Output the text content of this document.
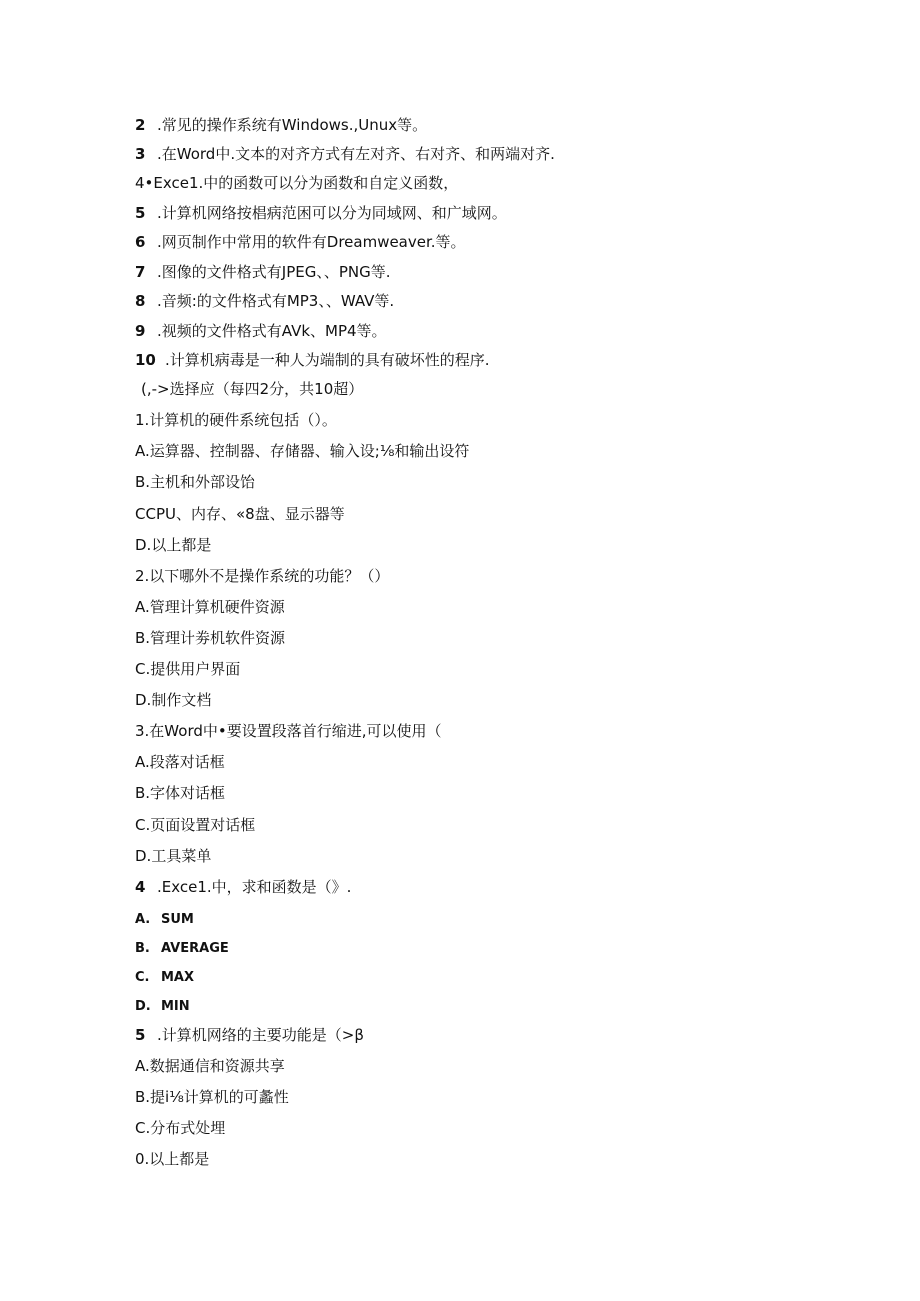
2 .常见的操作系统有Windows.,Unux等。
3 .在Word中.文本的对齐方式有左对齐、右对齐、和两端对齐.
4•Exce1.中的函数可以分为函数和自定义函数，
5 .计算机网络按椙病范困可以分为同域网、和广域网。
6 .网页制作中常用的软件有Dreamweaver.等。
7 .图像的文件格式有JPEG、、PNG等.
8 .音频:的文件格式有MP3、、WAV等.
9 .视频的文件格式有AVk、MP4等。
10 .计算机病毒是一种人为端制的具有破坏性的程序.
(,->选择应（每四2分，共10超）
1.计算机的硬件系统包括（）。
A.运算器、控制器、存储器、输入设;⅛和输出设符
B.主机和外部设饴
CCPU、内存、«8盘、显示器等
D.以上都是
2.以下哪外不是操作系统的功能？（）
A.管理计算机硬件资源
B.管理计劵机软件资源
C.提供用户界面
D.制作文档
3.在Word中•要设置段落首行缩进,可以使用（
A.段落对话框
B.字体对话框
C.页面设置对话框
D.工具菜单
4 .Exce1.中，求和函数是（》.
A. SUM
B. AVERAGE
C. MAX
D. MIN
5 .计算机网络的主要功能是（>β
A.数据通信和资源共享
B.提i⅛计算机的可蠡性
C.分布式处埋
0.以上都是
